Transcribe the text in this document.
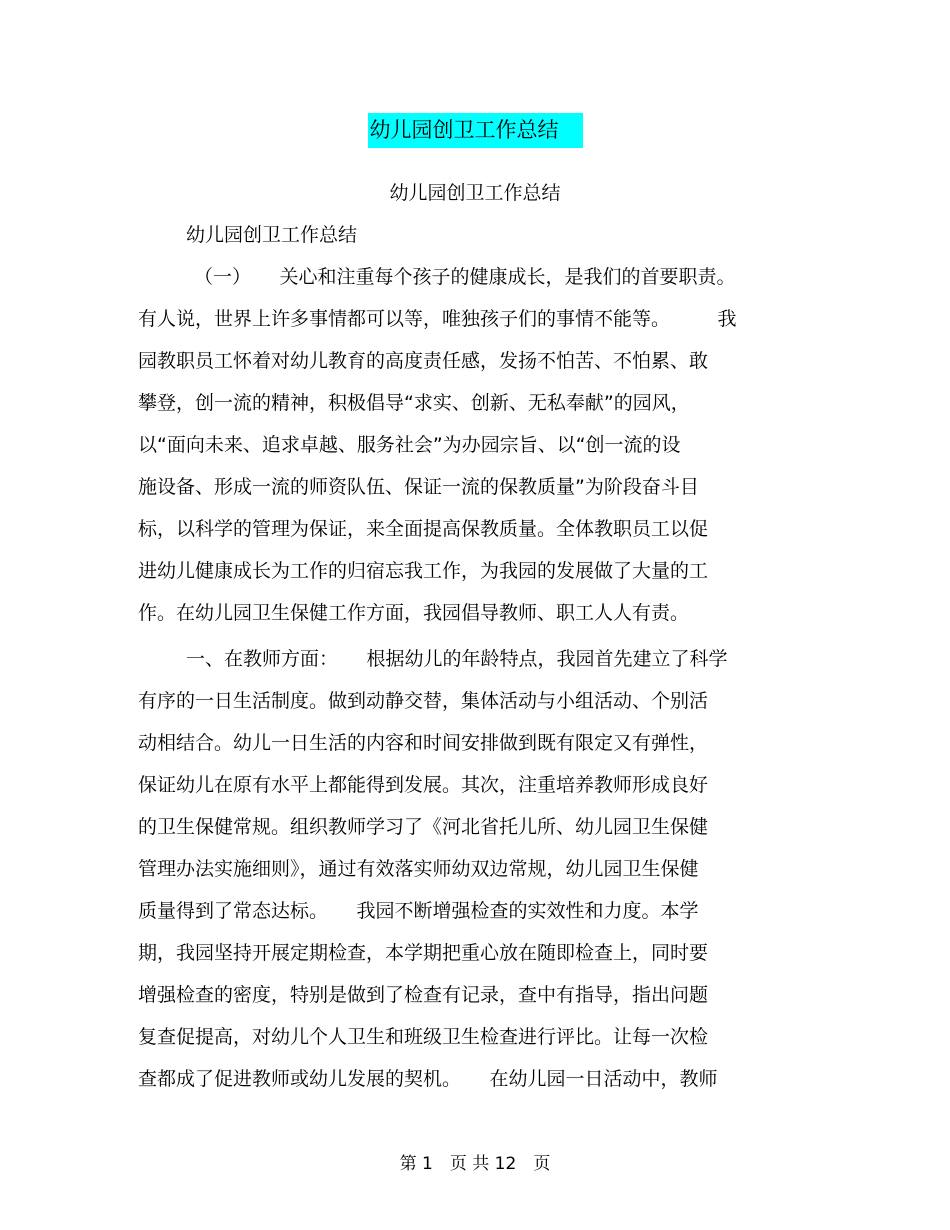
幼儿园创卫工作总结
幼儿园创卫工作总结
幼儿园创卫工作总结
（一）　　关心和注重每个孩子的健康成长，是我们的首要职责。
有人说，世界上许多事情都可以等，唯独孩子们的事情不能等。　　　我
园教职员工怀着对幼儿教育的高度责任感，发扬不怕苦、不怕累、敢
攀登，创一流的精神，积极倡导“求实、创新、无私奉献”的园风，
以“面向未来、追求卓越、服务社会”为办园宗旨、以“创一流的设
施设备、形成一流的师资队伍、保证一流的保教质量”为阶段奋斗目
标，以科学的管理为保证，来全面提高保教质量。全体教职员工以促
进幼儿健康成长为工作的归宿忘我工作，为我园的发展做了大量的工
作。在幼儿园卫生保健工作方面，我园倡导教师、职工人人有责。
一、在教师方面：　　根据幼儿的年龄特点，我园首先建立了科学
有序的一日生活制度。做到动静交替，集体活动与小组活动、个别活
动相结合。幼儿一日生活的内容和时间安排做到既有限定又有弹性，
保证幼儿在原有水平上都能得到发展。其次，注重培养教师形成良好
的卫生保健常规。组织教师学习了《河北省托儿所、幼儿园卫生保健
管理办法实施细则》，通过有效落实师幼双边常规，幼儿园卫生保健
质量得到了常态达标。　　我园不断增强检查的实效性和力度。本学
期，我园坚持开展定期检查，本学期把重心放在随即检查上，同时要
增强检查的密度，特别是做到了检查有记录，查中有指导，指出问题
复查促提高，对幼儿个人卫生和班级卫生检查进行评比。让每一次检
查都成了促进教师或幼儿发展的契机。　　在幼儿园一日活动中，教师
第 1　页 共 12　页
